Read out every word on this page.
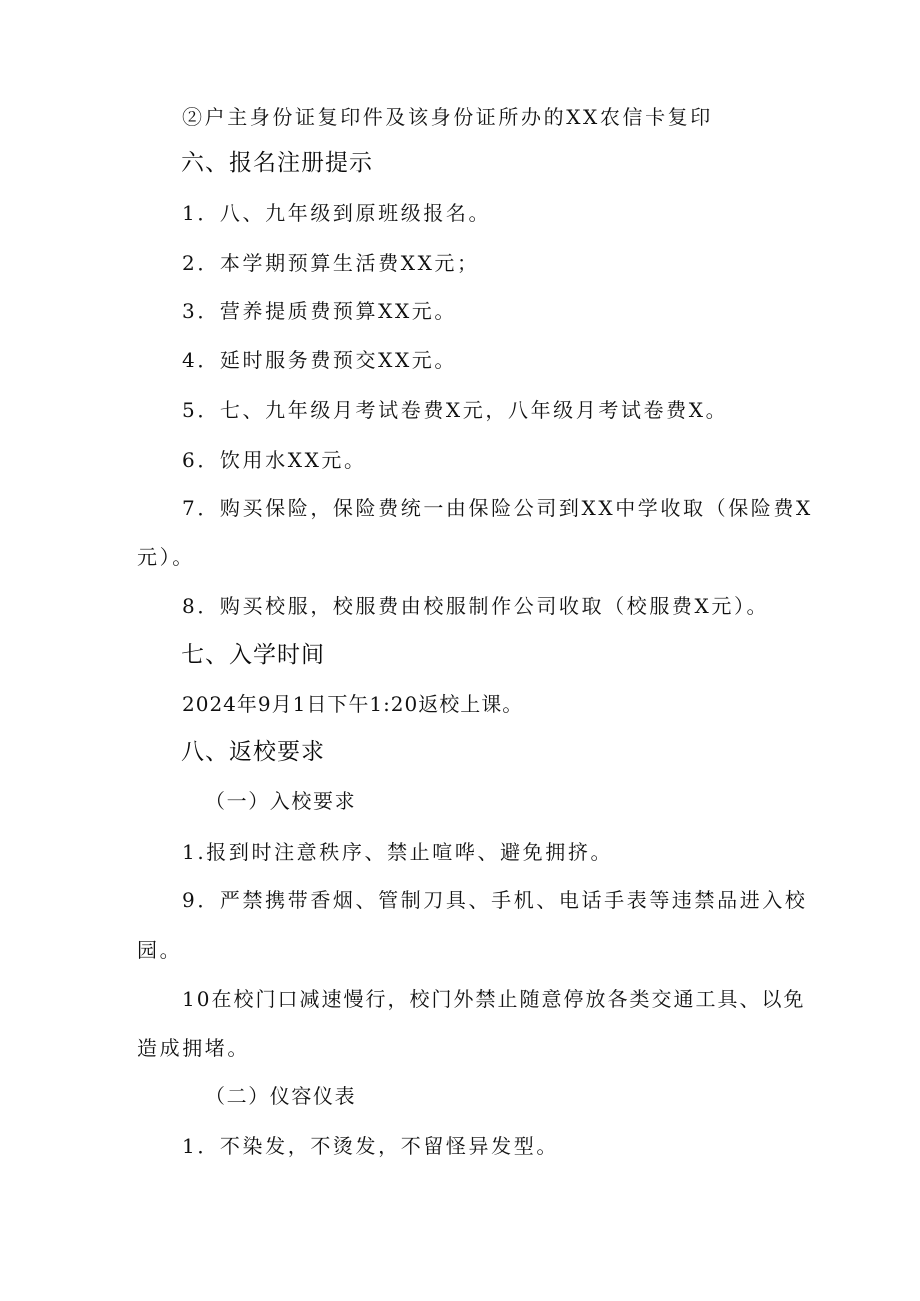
②户主身份证复印件及该身份证所办的XX农信卡复印
六、报名注册提示
1．八、九年级到原班级报名。
2．本学期预算生活费XX元；
3．营养提质费预算XX元。
4．延时服务费预交XX元。
5．七、九年级月考试卷费X元，八年级月考试卷费X。
6．饮用水XX元。
7．购买保险，保险费统一由保险公司到XX中学收取（保险费X
元）。
8．购买校服，校服费由校服制作公司收取（校服费X元）。
七、入学时间
2024年9月1日下午1:20返校上课。
八、返校要求
（一）入校要求
1.报到时注意秩序、禁止喧哗、避免拥挤。
9．严禁携带香烟、管制刀具、手机、电话手表等违禁品进入校
园。
10在校门口减速慢行，校门外禁止随意停放各类交通工具、以免
造成拥堵。
（二）仪容仪表
1．不染发，不烫发，不留怪异发型。
